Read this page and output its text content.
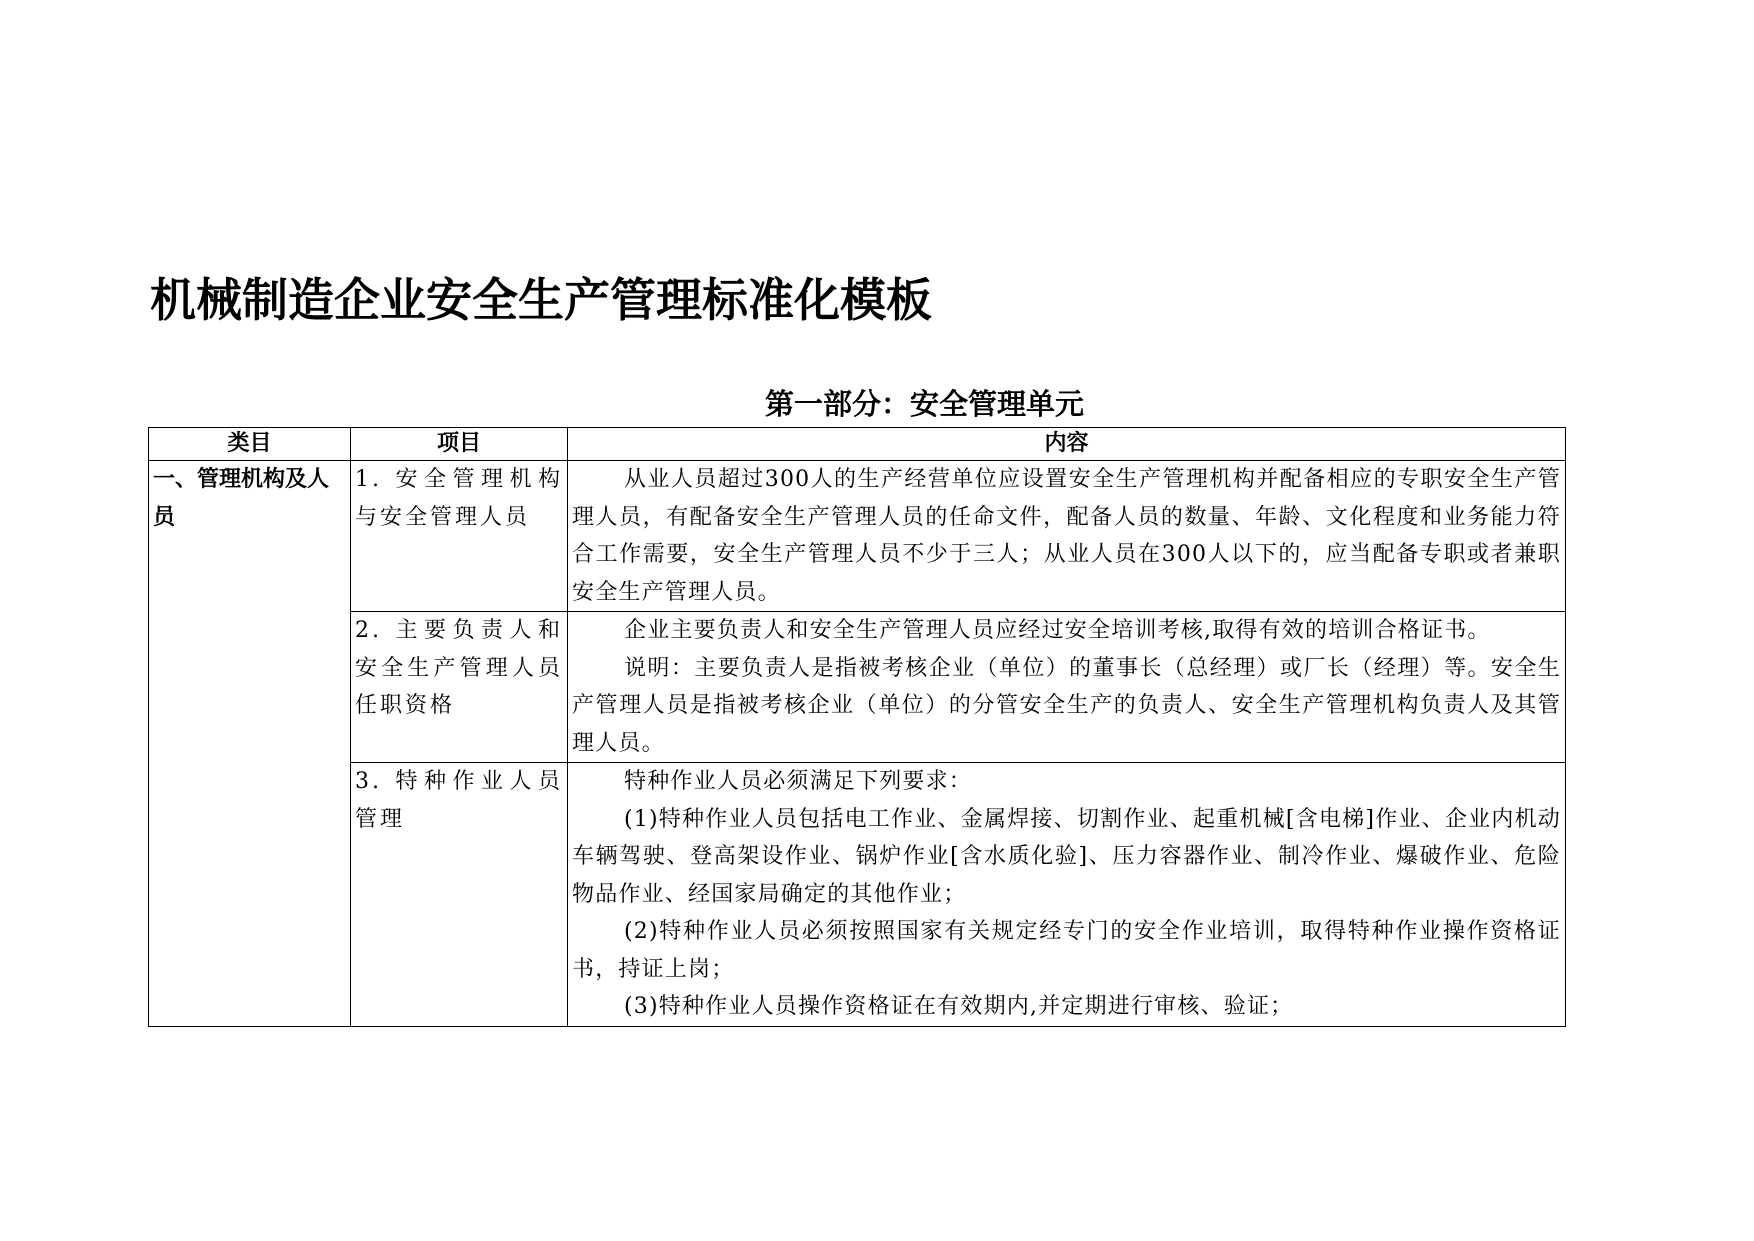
机械制造企业安全生产管理标准化模板
第一部分：安全管理单元
类目	项目	内容

一、管理机构及人员	1. 安全管理机构与安全管理人员	从业人员超过300人的生产经营单位应设置安全生产管理机构并配备相应的专职安全生产管理人员，有配备安全生产管理人员的任命文件，配备人员的数量、年龄、文化程度和业务能力符合工作需要，安全生产管理人员不少于三人；从业人员在300人以下的，应当配备专职或者兼职安全生产管理人员。

	2. 主要负责人和安全生产管理人员任职资格	企业主要负责人和安全生产管理人员应经过安全培训考核,取得有效的培训合格证书。
说明：主要负责人是指被考核企业（单位）的董事长（总经理）或厂长（经理）等。安全生产管理人员是指被考核企业（单位）的分管安全生产的负责人、安全生产管理机构负责人及其管理人员。

	3. 特种作业人员管理	特种作业人员必须满足下列要求：
(1)特种作业人员包括电工作业、金属焊接、切割作业、起重机械[含电梯]作业、企业内机动车辆驾驶、登高架设作业、锅炉作业[含水质化验]、压力容器作业、制冷作业、爆破作业、危险物品作业、经国家局确定的其他作业；
(2)特种作业人员必须按照国家有关规定经专门的安全作业培训，取得特种作业操作资格证书，持证上岗；
(3)特种作业人员操作资格证在有效期内,并定期进行审核、验证；
